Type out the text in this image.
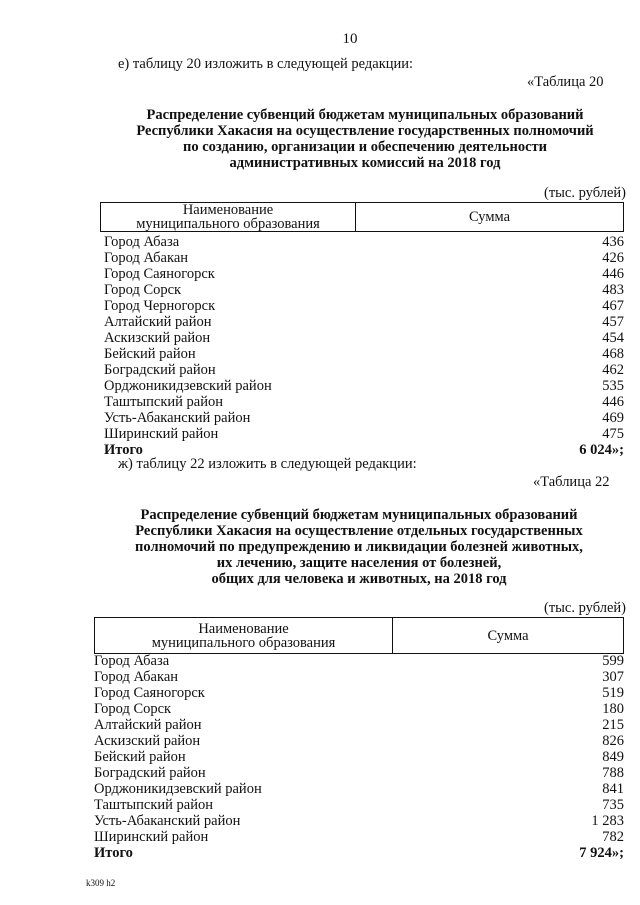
10
е) таблицу 20 изложить в следующей редакции:
«Таблица 20
Распределение субвенций бюджетам муниципальных образований
Республики Хакасия на осуществление государственных полномочий
по созданию, организации и обеспечению деятельности
административных комиссий на 2018 год
(тыс. рублей)
Наименование
муниципального образования	Сумма
Город Абаза	436
Город Абакан	426
Город Саяногорск	446
Город Сорск	483
Город Черногорск	467
Алтайский район	457
Аскизский район	454
Бейский район	468
Боградский район	462
Орджоникидзевский район	535
Таштыпский район	446
Усть-Абаканский район	469
Ширинский район	475
Итого	6 024»;
ж) таблицу 22 изложить в следующей редакции:
«Таблица 22
Распределение субвенций бюджетам муниципальных образований
Республики Хакасия на осуществление отдельных государственных
полномочий по предупреждению и ликвидации болезней животных,
их лечению, защите населения от болезней,
общих для человека и животных, на 2018 год
(тыс. рублей)
Наименование
муниципального образования	Сумма
Город Абаза	599
Город Абакан	307
Город Саяногорск	519
Город Сорск	180
Алтайский район	215
Аскизский район	826
Бейский район	849
Боградский район	788
Орджоникидзевский район	841
Таштыпский район	735
Усть-Абаканский район	1 283
Ширинский район	782
Итого	7 924»;
k309 h2
